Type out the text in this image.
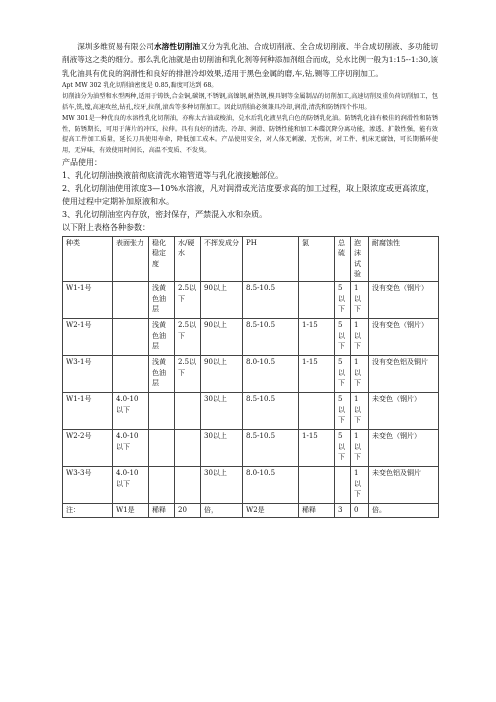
深圳多维贸易有限公司水溶性切削油又分为乳化油、合成切削液、全合成切削液、半合成切削液、多功能切削液等这之类的细分。那么乳化油就是由切削油和乳化剂等何种添加剂组合而成，兑水比例一般为1:15--1:30,该乳化油具有优良的润滑性和良好的排泄冷却效果,适用于黑色金属的磨,车,钻,铡等工序切削加工。

Apt MW 302 乳化切削油密度是 0.85,黏度可达到 68。

切削油分为油型和水型两种,适用于铸铁,合金铜,碳钢,不锈钢,高镍钢,耐热钢,模具钢等金属制品的切削加工,高速切削及重负荷切削加工，包括车,铣,镗,高速攻丝,钻孔,绞牙,拉削,滚齿等多种切削加工。因此切削油必须兼具冷却,润滑,清洗和防锈四个作用。

MW 301是一种优良的水溶性乳化切削油，亦称太古油或梭油，兑水后乳化液呈乳白色的防锈乳化油。防锈乳化油有极佳的润滑性和防锈性，防锈期长，可用于薄片的冲压，拉伸。具有良好的清洗、冷却、润滑、防锈性能和加工本碟沉降分离功能，渗透、扩散性强，能有效提高工件加工质量，延长刀具使用寿命，降低加工成本。产品使用安全，对人体无刺激、无伤害，对工件、机床无腐蚀，可长期循环使用，无异味，有效使用时间长，高温不变质、不发臭。

产品使用：

1、乳化切削油换液前彻底清洗水箱管道等与乳化液接触部位。

2、乳化切削油使用浓度3—10%水溶液，凡对润滑或光洁度要求高的加工过程，取上限浓度或更高浓度，使用过程中定期补加原液和水。

3、乳化切削油室内存放，密封保存，严禁混入水和杂质。

以下附上表格各种参数：

种类	表面张力	稳化稳定度	水/硬水	不挥发成分	PH	氯	总硫	泡沫试验	耐腐蚀性
W1-1号		浅黄色油层	2.5以下	90以上	8.5-10.5		5以下	1以下	没有变色（钢片）
W2-1号		浅黄色油层	2.5以下	90以上	8.5-10.5	1-15	5以下	1以下	没有变色（钢片）
W3-1号		浅黄色油层	2.5以下	90以上	8.0-10.5	1-15	5以下	1以下	没有变色铝及铜片
W1-1号	4.0-10以下			30以上	8.5-10.5		5以下	1以下	未变色（钢片）
W2-2号	4.0-10以下			30以上	8.5-10.5	1-15	5以下	1以下	未变色（钢片）
W3-3号	4.0-10以下			30以上	8.0-10.5			1以下	未变色铝及铜片
注：	W1是	稀释	20	倍，	W2是	稀释	3	0	倍。
